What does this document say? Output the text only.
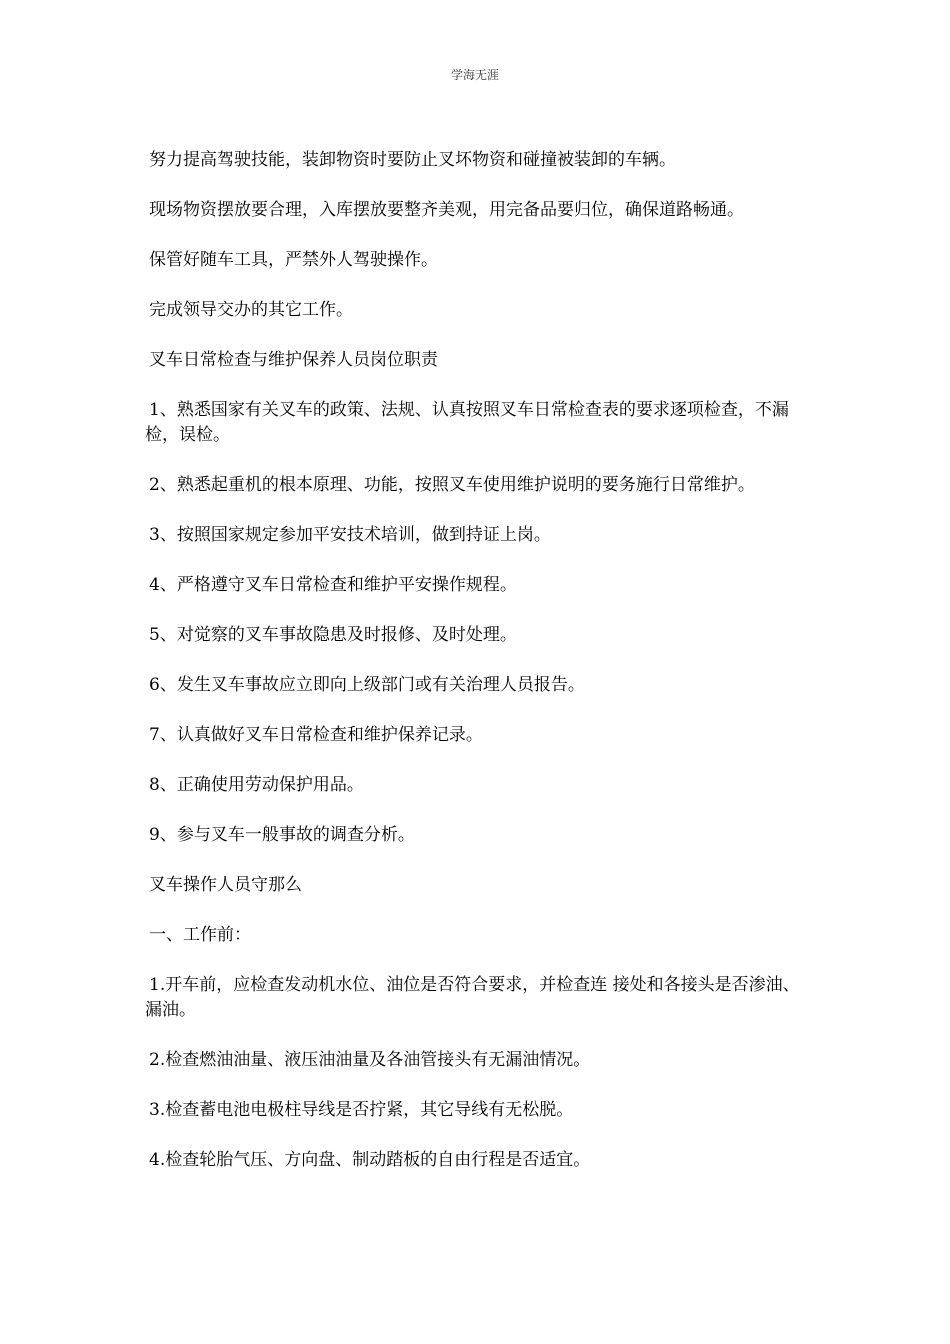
学海无涯

努力提高驾驶技能，装卸物资时要防止叉坏物资和碰撞被装卸的车辆。

现场物资摆放要合理，入库摆放要整齐美观，用完备品要归位，确保道路畅通。

保管好随车工具，严禁外人驾驶操作。

完成领导交办的其它工作。

叉车日常检查与维护保养人员岗位职责

1、熟悉国家有关叉车的政策、法规、认真按照叉车日常检查表的要求逐项检查，不漏检，误检。

2、熟悉起重机的根本原理、功能，按照叉车使用维护说明的要务施行日常维护。

3、按照国家规定参加平安技术培训，做到持证上岗。

4、严格遵守叉车日常检查和维护平安操作规程。

5、对觉察的叉车事故隐患及时报修、及时处理。

6、发生叉车事故应立即向上级部门或有关治理人员报告。

7、认真做好叉车日常检查和维护保养记录。

8、正确使用劳动保护用品。

9、参与叉车一般事故的调查分析。

叉车操作人员守那么

一、工作前：

1.开车前，应检查发动机水位、油位是否符合要求，并检查连 接处和各接头是否渗油、漏油。

2.检查燃油油量、液压油油量及各油管接头有无漏油情况。

3.检查蓄电池电极柱导线是否拧紧，其它导线有无松脱。

4.检查轮胎气压、方向盘、制动踏板的自由行程是否适宜。
